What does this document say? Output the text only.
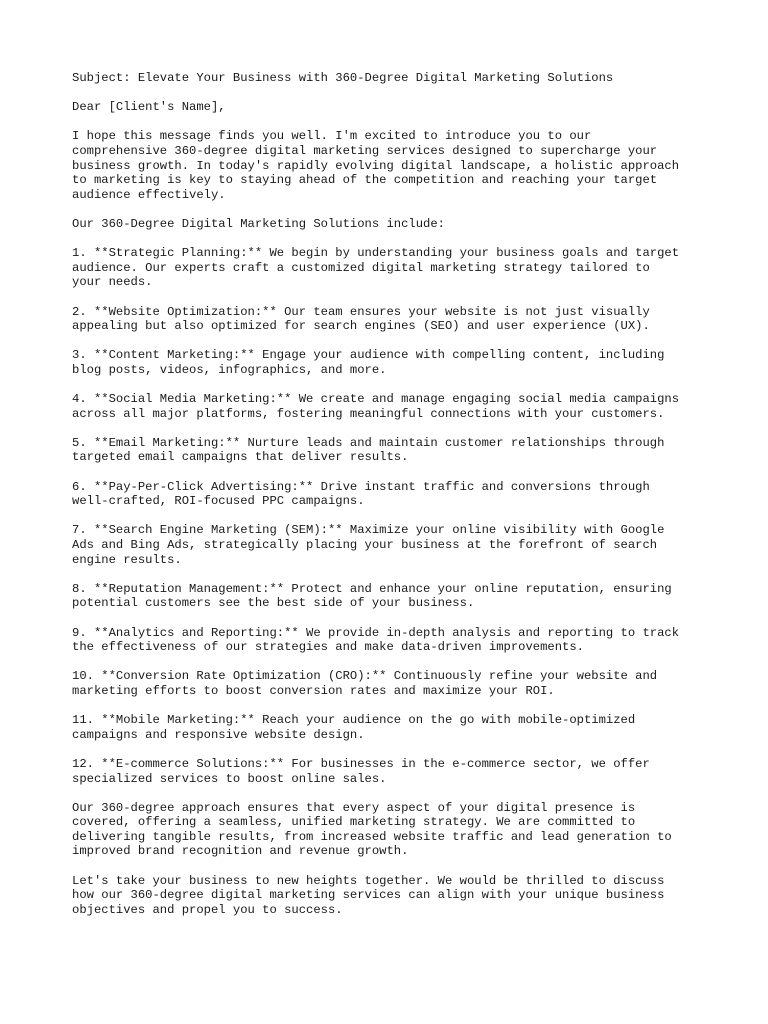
Subject: Elevate Your Business with 360-Degree Digital Marketing Solutions

Dear [Client's Name],

I hope this message finds you well. I'm excited to introduce you to our
comprehensive 360-degree digital marketing services designed to supercharge your
business growth. In today's rapidly evolving digital landscape, a holistic approach
to marketing is key to staying ahead of the competition and reaching your target
audience effectively.

Our 360-Degree Digital Marketing Solutions include:

1. **Strategic Planning:** We begin by understanding your business goals and target
audience. Our experts craft a customized digital marketing strategy tailored to
your needs.

2. **Website Optimization:** Our team ensures your website is not just visually
appealing but also optimized for search engines (SEO) and user experience (UX).

3. **Content Marketing:** Engage your audience with compelling content, including
blog posts, videos, infographics, and more.

4. **Social Media Marketing:** We create and manage engaging social media campaigns
across all major platforms, fostering meaningful connections with your customers.

5. **Email Marketing:** Nurture leads and maintain customer relationships through
targeted email campaigns that deliver results.

6. **Pay-Per-Click Advertising:** Drive instant traffic and conversions through
well-crafted, ROI-focused PPC campaigns.

7. **Search Engine Marketing (SEM):** Maximize your online visibility with Google
Ads and Bing Ads, strategically placing your business at the forefront of search
engine results.

8. **Reputation Management:** Protect and enhance your online reputation, ensuring
potential customers see the best side of your business.

9. **Analytics and Reporting:** We provide in-depth analysis and reporting to track
the effectiveness of our strategies and make data-driven improvements.

10. **Conversion Rate Optimization (CRO):** Continuously refine your website and
marketing efforts to boost conversion rates and maximize your ROI.

11. **Mobile Marketing:** Reach your audience on the go with mobile-optimized
campaigns and responsive website design.

12. **E-commerce Solutions:** For businesses in the e-commerce sector, we offer
specialized services to boost online sales.

Our 360-degree approach ensures that every aspect of your digital presence is
covered, offering a seamless, unified marketing strategy. We are committed to
delivering tangible results, from increased website traffic and lead generation to
improved brand recognition and revenue growth.

Let's take your business to new heights together. We would be thrilled to discuss
how our 360-degree digital marketing services can align with your unique business
objectives and propel you to success.
